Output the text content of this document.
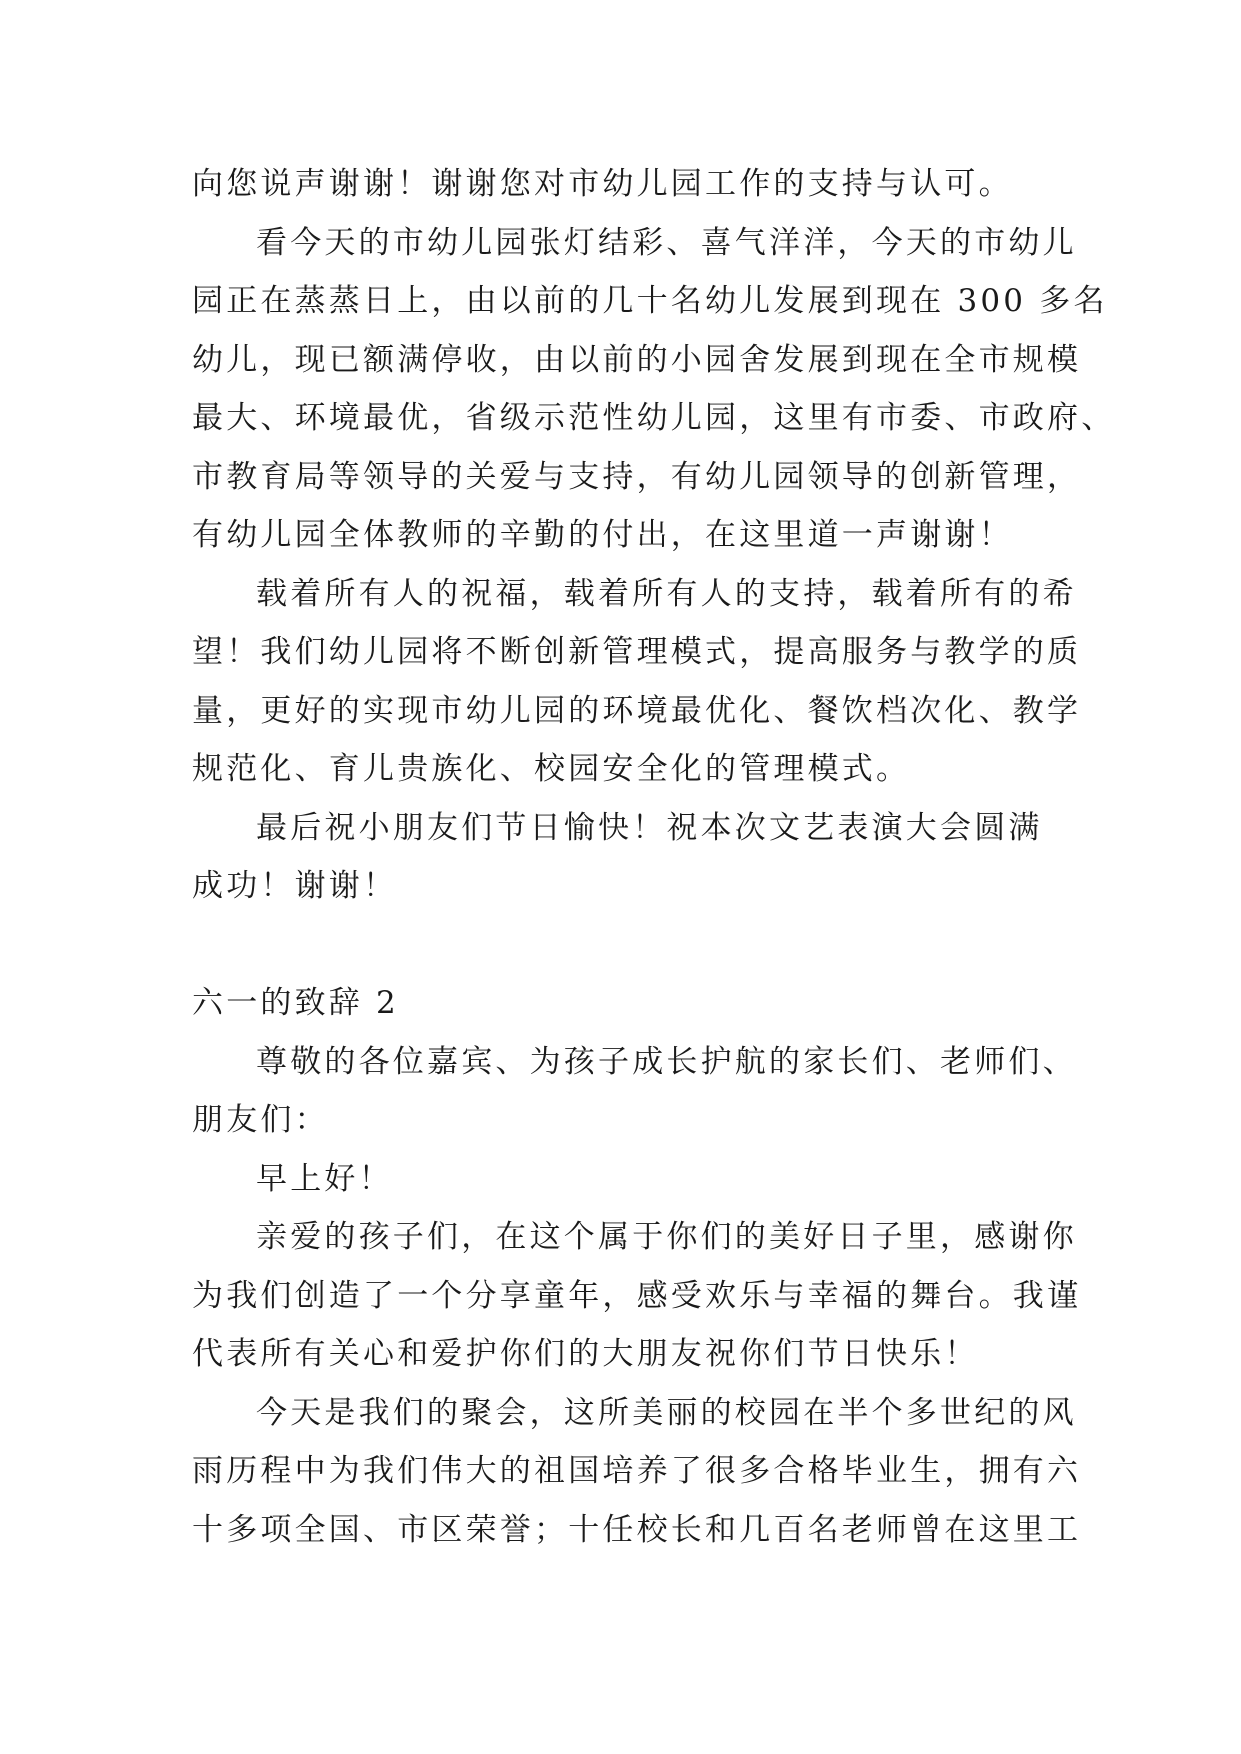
向您说声谢谢！谢谢您对市幼儿园工作的支持与认可。
看今天的市幼儿园张灯结彩、喜气洋洋，今天的市幼儿
园正在蒸蒸日上，由以前的几十名幼儿发展到现在 300 多名
幼儿，现已额满停收，由以前的小园舍发展到现在全市规模
最大、环境最优，省级示范性幼儿园，这里有市委、市政府、
市教育局等领导的关爱与支持，有幼儿园领导的创新管理，
有幼儿园全体教师的辛勤的付出，在这里道一声谢谢！
载着所有人的祝福，载着所有人的支持，载着所有的希
望！我们幼儿园将不断创新管理模式，提高服务与教学的质
量，更好的实现市幼儿园的环境最优化、餐饮档次化、教学
规范化、育儿贵族化、校园安全化的管理模式。
最后祝小朋友们节日愉快！祝本次文艺表演大会圆满
成功！谢谢！
六一的致辞 2
尊敬的各位嘉宾、为孩子成长护航的家长们、老师们、
朋友们：
早上好！
亲爱的孩子们，在这个属于你们的美好日子里，感谢你
为我们创造了一个分享童年，感受欢乐与幸福的舞台。我谨
代表所有关心和爱护你们的大朋友祝你们节日快乐！
今天是我们的聚会，这所美丽的校园在半个多世纪的风
雨历程中为我们伟大的祖国培养了很多合格毕业生，拥有六
十多项全国、市区荣誉；十任校长和几百名老师曾在这里工
